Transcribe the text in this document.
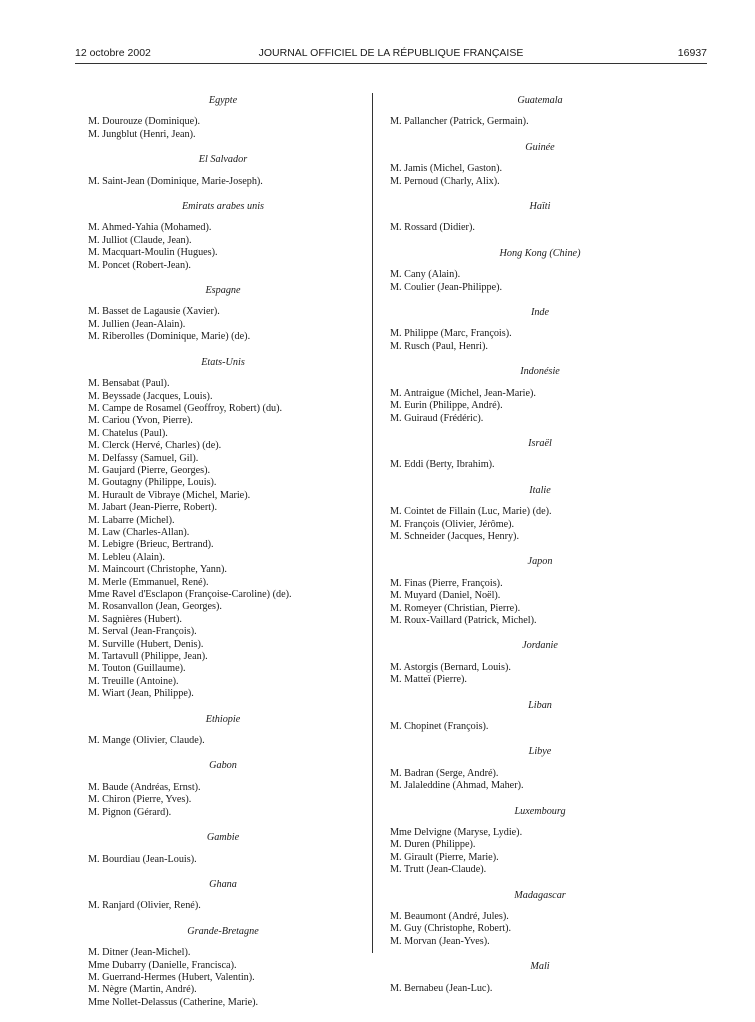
12 octobre 2002	JOURNAL OFFICIEL DE LA RÉPUBLIQUE FRANÇAISE	16937
Egypte
M. Dourouze (Dominique).
M. Jungblut (Henri, Jean).
El Salvador
M. Saint-Jean (Dominique, Marie-Joseph).
Emirats arabes unis
M. Ahmed-Yahia (Mohamed).
M. Julliot (Claude, Jean).
M. Macquart-Moulin (Hugues).
M. Poncet (Robert-Jean).
Espagne
M. Basset de Lagausie (Xavier).
M. Jullien (Jean-Alain).
M. Riberolles (Dominique, Marie) (de).
Etats-Unis
M. Bensabat (Paul).
M. Beyssade (Jacques, Louis).
M. Campe de Rosamel (Geoffroy, Robert) (du).
M. Cariou (Yvon, Pierre).
M. Chatelus (Paul).
M. Clerck (Hervé, Charles) (de).
M. Delfassy (Samuel, Gil).
M. Gaujard (Pierre, Georges).
M. Goutagny (Philippe, Louis).
M. Hurault de Vibraye (Michel, Marie).
M. Jabart (Jean-Pierre, Robert).
M. Labarre (Michel).
M. Law (Charles-Allan).
M. Lebigre (Brieuc, Bertrand).
M. Lebleu (Alain).
M. Maincourt (Christophe, Yann).
M. Merle (Emmanuel, René).
Mme Ravel d'Esclapon (Françoise-Caroline) (de).
M. Rosanvallon (Jean, Georges).
M. Sagnières (Hubert).
M. Serval (Jean-François).
M. Surville (Hubert, Denis).
M. Tartavull (Philippe, Jean).
M. Touton (Guillaume).
M. Treuille (Antoine).
M. Wiart (Jean, Philippe).
Ethiopie
M. Mange (Olivier, Claude).
Gabon
M. Baude (Andréas, Ernst).
M. Chiron (Pierre, Yves).
M. Pignon (Gérard).
Gambie
M. Bourdiau (Jean-Louis).
Ghana
M. Ranjard (Olivier, René).
Grande-Bretagne
M. Ditner (Jean-Michel).
Mme Dubarry (Danielle, Francisca).
M. Guerrand-Hermes (Hubert, Valentin).
M. Nègre (Martin, André).
Mme Nollet-Delassus (Catherine, Marie).
Guatemala
M. Pallancher (Patrick, Germain).
Guinée
M. Jamis (Michel, Gaston).
M. Pernoud (Charly, Alix).
Haïti
M. Rossard (Didier).
Hong Kong (Chine)
M. Cany (Alain).
M. Coulier (Jean-Philippe).
Inde
M. Philippe (Marc, François).
M. Rusch (Paul, Henri).
Indonésie
M. Antraigue (Michel, Jean-Marie).
M. Eurin (Philippe, André).
M. Guiraud (Frédéric).
Israël
M. Eddi (Berty, Ibrahim).
Italie
M. Cointet de Fillain (Luc, Marie) (de).
M. François (Olivier, Jérôme).
M. Schneider (Jacques, Henry).
Japon
M. Finas (Pierre, François).
M. Muyard (Daniel, Noël).
M. Romeyer (Christian, Pierre).
M. Roux-Vaillard (Patrick, Michel).
Jordanie
M. Astorgis (Bernard, Louis).
M. Matteï (Pierre).
Liban
M. Chopinet (François).
Libye
M. Badran (Serge, André).
M. Jalaleddine (Ahmad, Maher).
Luxembourg
Mme Delvigne (Maryse, Lydie).
M. Duren (Philippe).
M. Girault (Pierre, Marie).
M. Trutt (Jean-Claude).
Madagascar
M. Beaumont (André, Jules).
M. Guy (Christophe, Robert).
M. Morvan (Jean-Yves).
Mali
M. Bernabeu (Jean-Luc).
